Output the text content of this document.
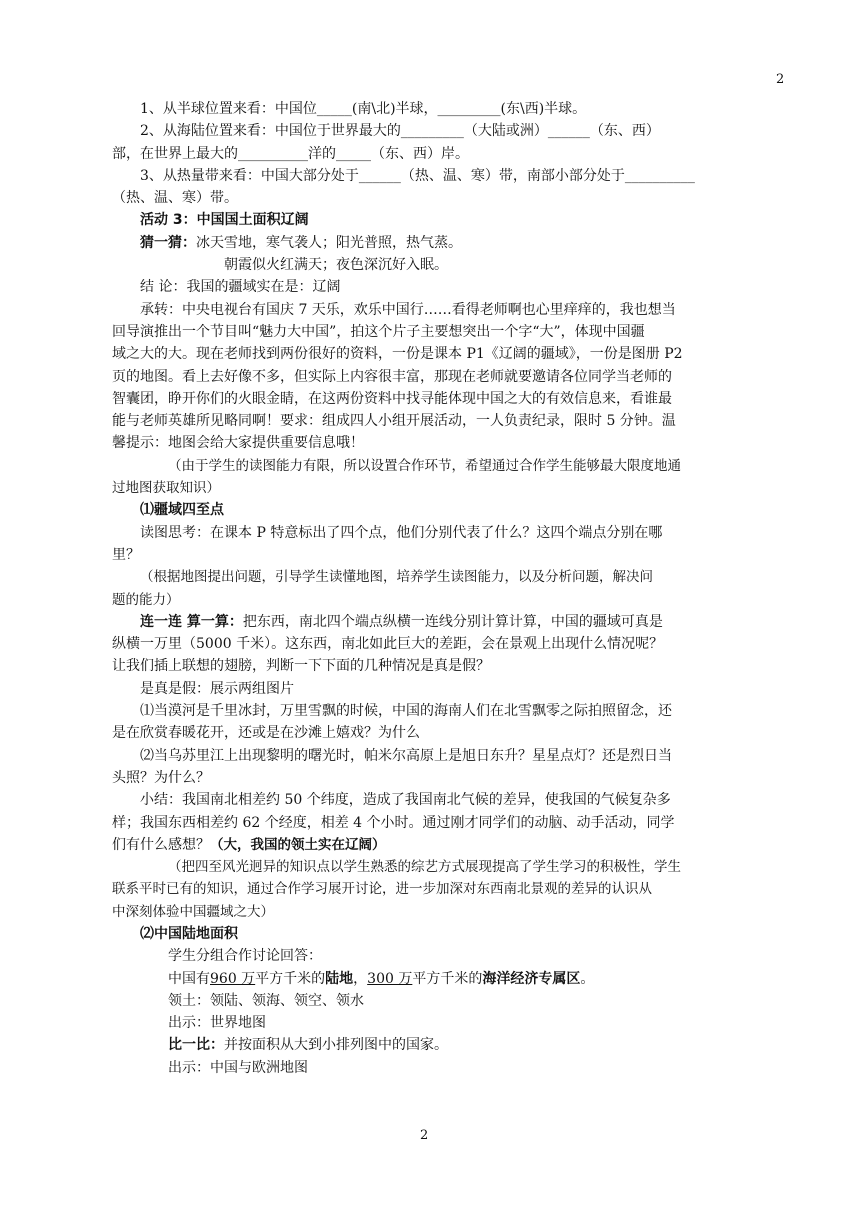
2
1、从半球位置来看：中国位_____(南\北)半球，_________(东\西)半球。
2、从海陆位置来看：中国位于世界最大的_________（大陆或洲）______（东、西）
部，在世界上最大的__________洋的_____（东、西）岸。
3、从热量带来看：中国大部分处于______（热、温、寒）带，南部小部分处于__________
（热、温、寒）带。
活动 3：中国国土面积辽阔
猜一猜：冰天雪地，寒气袭人；阳光普照，热气蒸。
朝霞似火红满天；夜色深沉好入眠。
结 论：我国的疆域实在是：辽阔
承转：中央电视台有国庆 7 天乐，欢乐中国行……看得老师啊也心里痒痒的，我也想当
回导演推出一个节目叫“魅力大中国”，拍这个片子主要想突出一个字“大”，体现中国疆
域之大的大。现在老师找到两份很好的资料，一份是课本 P1《辽阔的疆域》，一份是图册 P2
页的地图。看上去好像不多，但实际上内容很丰富，那现在老师就要邀请各位同学当老师的
智囊团，睁开你们的火眼金睛，在这两份资料中找寻能体现中国之大的有效信息来，看谁最
能与老师英雄所见略同啊！要求：组成四人小组开展活动，一人负责纪录，限时 5 分钟。温
馨提示：地图会给大家提供重要信息哦！
（由于学生的读图能力有限，所以设置合作环节，希望通过合作学生能够最大限度地通
过地图获取知识）
⑴疆域四至点
读图思考：在课本 P 特意标出了四个点，他们分别代表了什么？这四个端点分别在哪
里？
（根据地图提出问题，引导学生读懂地图，培养学生读图能力，以及分析问题，解决问
题的能力）
连一连 算一算：把东西，南北四个端点纵横一连线分别计算计算，中国的疆域可真是
纵横一万里（5000 千米）。这东西，南北如此巨大的差距，会在景观上出现什么情况呢？
让我们插上联想的翅膀，判断一下下面的几种情况是真是假？
是真是假：展示两组图片
⑴当漠河是千里冰封，万里雪飘的时候，中国的海南人们在北雪飘零之际拍照留念，还
是在欣赏春暖花开，还或是在沙滩上嬉戏？为什么
⑵当乌苏里江上出现黎明的曙光时，帕米尔高原上是旭日东升？星星点灯？还是烈日当
头照？为什么？
小结：我国南北相差约 50 个纬度，造成了我国南北气候的差异，使我国的气候复杂多
样；我国东西相差约 62 个经度，相差 4 个小时。通过刚才同学们的动脑、动手活动，同学
们有什么感想？（大，我国的领土实在辽阔）
（把四至风光迥异的知识点以学生熟悉的综艺方式展现提高了学生学习的积极性，学生
联系平时已有的知识，通过合作学习展开讨论，进一步加深对东西南北景观的差异的认识从
中深刻体验中国疆域之大）
⑵中国陆地面积
学生分组合作讨论回答：
中国有960 万平方千米的陆地，300 万平方千米的海洋经济专属区。
领土：领陆、领海、领空、领水
出示：世界地图
比一比：并按面积从大到小排列图中的国家。
出示：中国与欧洲地图
2
